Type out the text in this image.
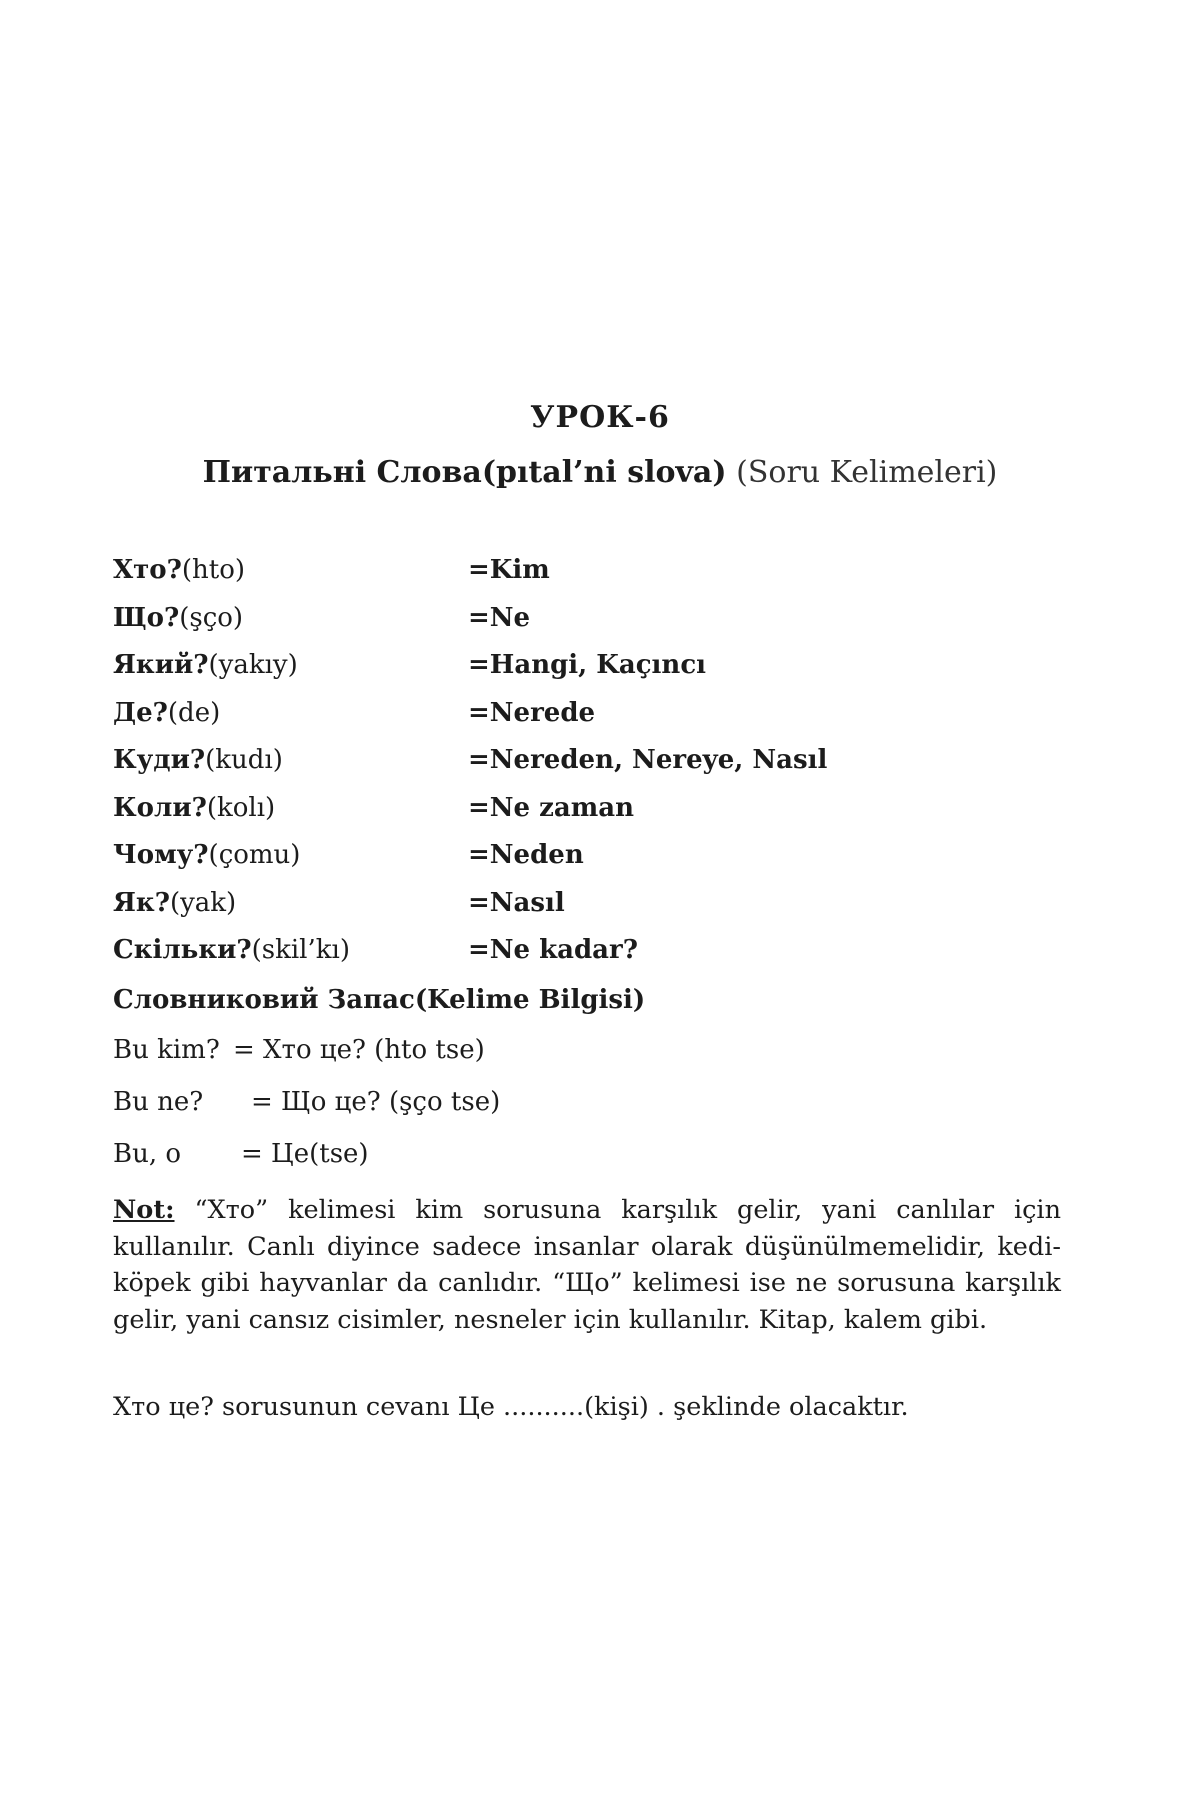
УРОК-6
Питальні Слова(pıtal’ni slova) (Soru Kelimeleri)
Хто?(hto)	=Kim
Що?(şço)	=Ne
Який?(yakıy)	=Hangi, Kaçıncı
Де?(de)	=Nerede
Куди?(kudı)	=Nereden, Nereye, Nasıl
Коли?(kolı)	=Ne zaman
Чому?(çomu)	=Neden
Як?(yak)	=Nasıl
Скільки?(skil’kı)	=Ne kadar?
Словниковий Запас(Kelime Bilgisi)
Bu kim? = Хто це? (hto tse)
Bu ne? = Що це? (şço tse)
Bu, o = Це(tse)
Not: “Хто” kelimesi kim sorusuna karşılık gelir, yani canlılar için kullanılır. Canlı diyince sadece insanlar olarak düşünülmemelidir, kedi-köpek gibi hayvanlar da canlıdır. “Що” kelimesi ise ne sorusuna karşılık gelir, yani cansız cisimler, nesneler için kullanılır. Kitap, kalem gibi.
Хто це? sorusunun cevanı Це ..........(kişi) . şeklinde olacaktır.
